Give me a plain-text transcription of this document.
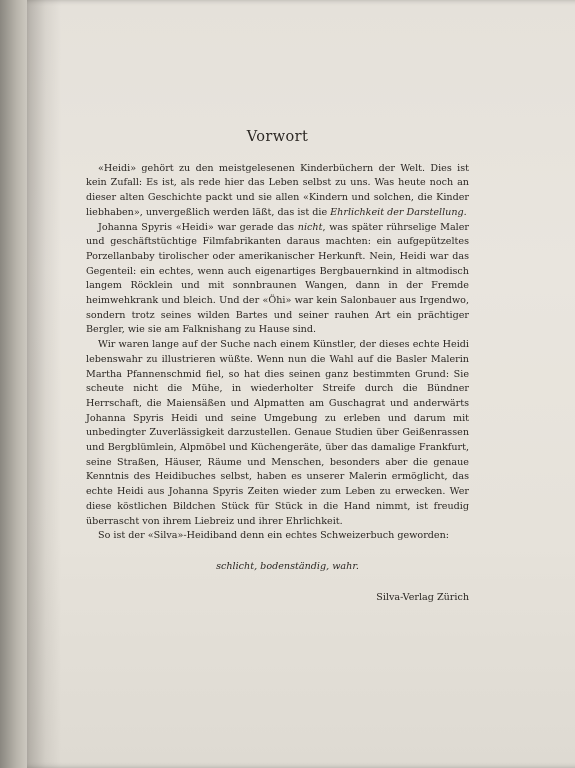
Vorwort

«Heidi» gehört zu den meistgelesenen Kinderbüchern der Welt. Dies ist kein Zufall: Es ist, als rede hier das Leben selbst zu uns. Was heute noch an dieser alten Geschichte packt und sie allen «Kindern und solchen, die Kinder liebhaben», unvergeßlich werden läßt, das ist die Ehrlichkeit der Darstellung.

Johanna Spyris «Heidi» war gerade das nicht, was später rührselige Maler und geschäftstüchtige Filmfabrikanten daraus machten: ein aufgepützeltes Porzellanbaby tirolischer oder amerikanischer Herkunft. Nein, Heidi war das Gegenteil: ein echtes, wenn auch eigenartiges Bergbauernkind in altmodisch langem Röcklein und mit sonnbraunen Wangen, dann in der Fremde heimwehkrank und bleich. Und der «Öhi» war kein Salonbauer aus Irgendwo, sondern trotz seines wilden Bartes und seiner rauhen Art ein prächtiger Bergler, wie sie am Falknishang zu Hause sind.

Wir waren lange auf der Suche nach einem Künstler, der dieses echte Heidi lebenswahr zu illustrieren wüßte. Wenn nun die Wahl auf die Basler Malerin Martha Pfannenschmid fiel, so hat dies seinen ganz bestimmten Grund: Sie scheute nicht die Mühe, in wiederholter Streife durch die Bündner Herrschaft, die Maiensäßen und Alpmatten am Guschagrat und anderwärts Johanna Spyris Heidi und seine Umgebung zu erleben und darum mit unbedingter Zuverlässigkeit darzustellen. Genaue Studien über Geißenrassen und Bergblümlein, Alpmöbel und Küchengeräte, über das damalige Frankfurt, seine Straßen, Häuser, Räume und Menschen, besonders aber die genaue Kenntnis des Heidibuches selbst, haben es unserer Malerin ermöglicht, das echte Heidi aus Johanna Spyris Zeiten wieder zum Leben zu erwecken. Wer diese köstlichen Bildchen Stück für Stück in die Hand nimmt, ist freudig überrascht von ihrem Liebreiz und ihrer Ehrlichkeit.

So ist der «Silva»-Heidiband denn ein echtes Schweizerbuch geworden:

schlicht, bodenständig, wahr.

Silva-Verlag Zürich
